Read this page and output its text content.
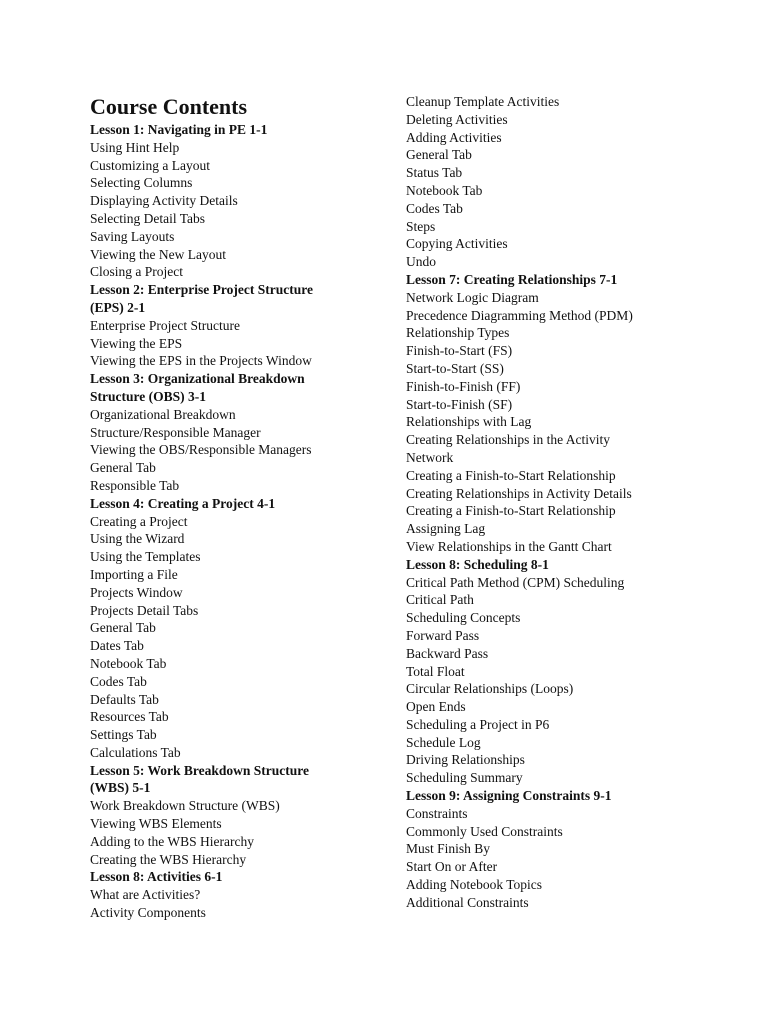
Course Contents
Lesson 1: Navigating in PE 1-1
Using Hint Help
Customizing a Layout
Selecting Columns
Displaying Activity Details
Selecting Detail Tabs
Saving Layouts
Viewing the New Layout
Closing a Project
Lesson 2: Enterprise Project Structure
(EPS) 2-1
Enterprise Project Structure
Viewing the EPS
Viewing the EPS in the Projects Window
Lesson 3: Organizational Breakdown
Structure (OBS) 3-1
Organizational Breakdown
Structure/Responsible Manager
Viewing the OBS/Responsible Managers
General Tab
Responsible Tab
Lesson 4: Creating a Project 4-1
Creating a Project
Using the Wizard
Using the Templates
Importing a File
Projects Window
Projects Detail Tabs
General Tab
Dates Tab
Notebook Tab
Codes Tab
Defaults Tab
Resources Tab
Settings Tab
Calculations Tab
Lesson 5: Work Breakdown Structure
(WBS) 5-1
Work Breakdown Structure (WBS)
Viewing WBS Elements
Adding to the WBS Hierarchy
Creating the WBS Hierarchy
Lesson 8: Activities 6-1
What are Activities?
Activity Components
Cleanup Template Activities
Deleting Activities
Adding Activities
General Tab
Status Tab
Notebook Tab
Codes Tab
Steps
Copying Activities
Undo
Lesson 7: Creating Relationships 7-1
Network Logic Diagram
Precedence Diagramming Method (PDM)
Relationship Types
Finish-to-Start (FS)
Start-to-Start (SS)
Finish-to-Finish (FF)
Start-to-Finish (SF)
Relationships with Lag
Creating Relationships in the Activity
Network
Creating a Finish-to-Start Relationship
Creating Relationships in Activity Details
Creating a Finish-to-Start Relationship
Assigning Lag
View Relationships in the Gantt Chart
Lesson 8: Scheduling 8-1
Critical Path Method (CPM) Scheduling
Critical Path
Scheduling Concepts
Forward Pass
Backward Pass
Total Float
Circular Relationships (Loops)
Open Ends
Scheduling a Project in P6
Schedule Log
Driving Relationships
Scheduling Summary
Lesson 9: Assigning Constraints 9-1
Constraints
Commonly Used Constraints
Must Finish By
Start On or After
Adding Notebook Topics
Additional Constraints
